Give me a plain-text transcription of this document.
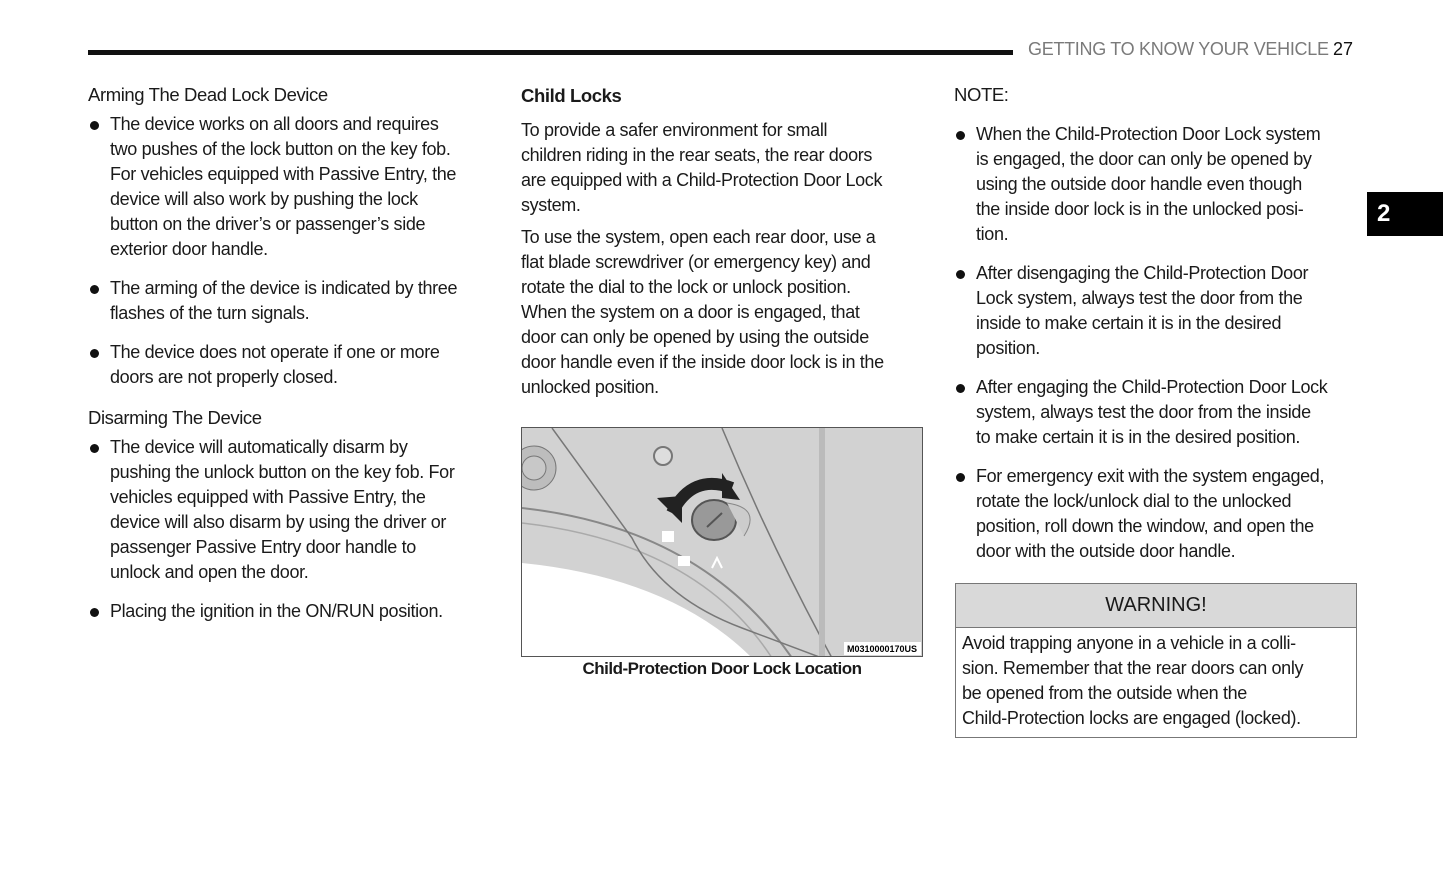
GETTING TO KNOW YOUR VEHICLE 27
2
Arming The Dead Lock Device
The device works on all doors and requires
two pushes of the lock button on the key fob.
For vehicles equipped with Passive Entry, the
device will also work by pushing the lock
button on the driver’s or passenger’s side
exterior door handle.
The arming of the device is indicated by three
flashes of the turn signals.
The device does not operate if one or more
doors are not properly closed.
Disarming The Device
The device will automatically disarm by
pushing the unlock button on the key fob. For
vehicles equipped with Passive Entry, the
device will also disarm by using the driver or
passenger Passive Entry door handle to
unlock and open the door.
Placing the ignition in the ON/RUN position.
Child Locks
To provide a safer environment for small
children riding in the rear seats, the rear doors
are equipped with a Child-Protection Door Lock
system.
To use the system, open each rear door, use a
flat blade screwdriver (or emergency key) and
rotate the dial to the lock or unlock position.
When the system on a door is engaged, that
door can only be opened by using the outside
door handle even if the inside door lock is in the
unlocked position.
M0310000170US
Child-Protection Door Lock Location
NOTE:
When the Child-Protection Door Lock system
is engaged, the door can only be opened by
using the outside door handle even though
the inside door lock is in the unlocked posi-
tion.
After disengaging the Child-Protection Door
Lock system, always test the door from the
inside to make certain it is in the desired
position.
After engaging the Child-Protection Door Lock
system, always test the door from the inside
to make certain it is in the desired position.
For emergency exit with the system engaged,
rotate the lock/unlock dial to the unlocked
position, roll down the window, and open the
door with the outside door handle.
WARNING!
Avoid trapping anyone in a vehicle in a colli-
sion. Remember that the rear doors can only
be opened from the outside when the
Child-Protection locks are engaged (locked).
